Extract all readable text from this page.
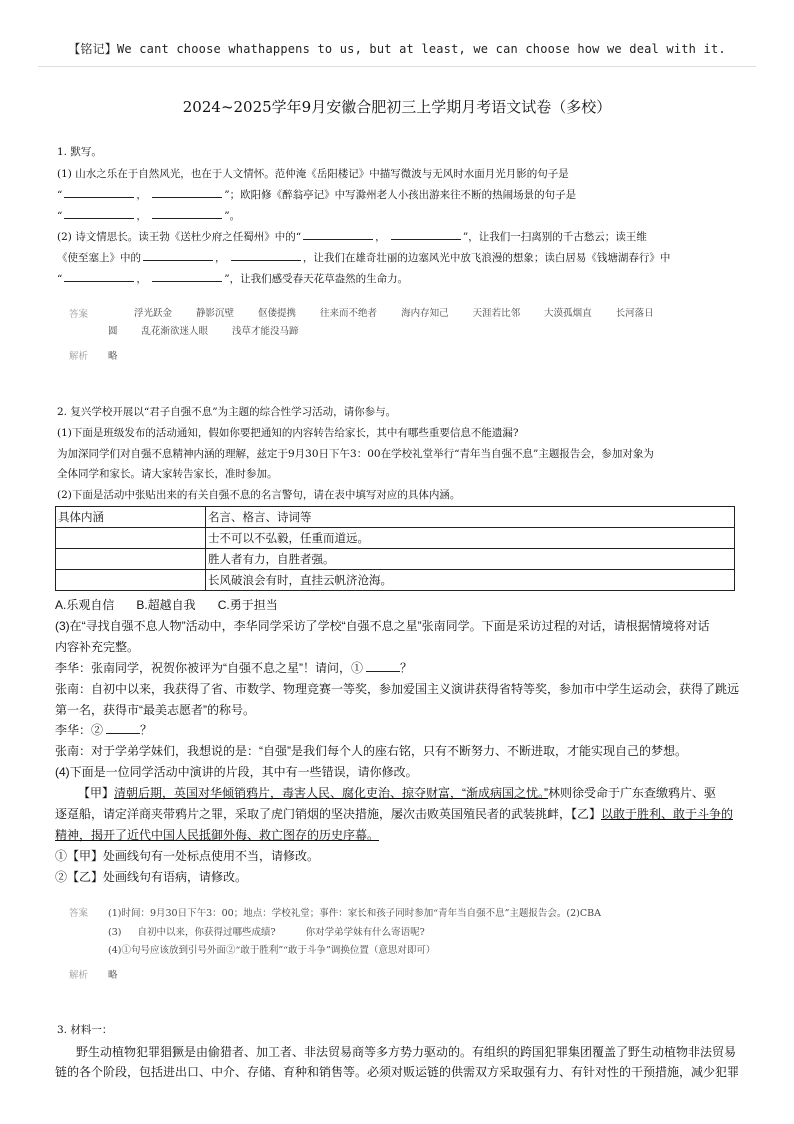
【铭记】We cant choose whathappens to us, but at least, we can choose how we deal with it.
2024~2025学年9月安徽合肥初三上学期月考语文试卷（多校）
1. 默写。
(1) 山水之乐在于自然风光，也在于人文情怀。范仲淹《岳阳楼记》中描写微波与无风时水面月光月影的句子是
“	，	”；欧阳修《醉翁亭记》中写滁州老人小孩出游来往不断的热闹场景的句子是
“	，	”。
(2) 诗文情思长。读王勃《送杜少府之任蜀州》中的“	，	”，让我们一扫离别的千古愁云；读王维
《使至塞上》中的	，	，让我们在雄奇壮丽的边塞风光中放飞浪漫的想象；读白居易《钱塘湖春行》中
“	，	”，让我们感受春天花草盎然的生命力。
答案	浮光跃金	静影沉壁	伛偻提携	往来而不绝者	海内存知己	天涯若比邻	大漠孤烟直	长河落日
圆	乱花渐欲迷人眼	浅草才能没马蹄
解析 略
2. 复兴学校开展以“君子自强不息”为主题的综合性学习活动，请你参与。
(1)下面是班级发布的活动通知，假如你要把通知的内容转告给家长，其中有哪些重要信息不能遗漏?
为加深同学们对自强不息精神内涵的理解，兹定于9月30日下午3：00在学校礼堂举行“青年当自强不息”主题报告会，参加对象为
全体同学和家长。请大家转告家长，准时参加。
(2)下面是活动中张贴出来的有关自强不息的名言警句，请在表中填写对应的具体内涵。
具体内涵	名言、格言、诗词等
	士不可以不弘毅，任重而道远。
	胜人者有力，自胜者强。
	长风破浪会有时，直挂云帆济沧海。
A.乐观自信 B.超越自我 C.勇于担当
(3)在“寻找自强不息人物”活动中，李华同学采访了学校“自强不息之星”张南同学。下面是采访过程的对话，请根据情境将对话
内容补充完整。
李华：张南同学，祝贺你被评为“自强不息之星”！请问，①	？
张南：自初中以来，我获得了省、市数学、物理竞赛一等奖，参加爱国主义演讲获得省特等奖，参加市中学生运动会，获得了跳远
第一名，获得市“最美志愿者”的称号。
李华：②	？
张南：对于学弟学妹们，我想说的是：“自强”是我们每个人的座右铭，只有不断努力、不断进取，才能实现自己的梦想。
(4)下面是一位同学活动中演讲的片段，其中有一些错误，请你修改。
【甲】清朝后期，英国对华倾销鸦片，毒害人民、腐化吏治、掠夺财富，“渐成病国之忧。”林则徐受命于广东查缴鸦片、驱
逐趸船，请定洋商夹带鸦片之罪，采取了虎门销烟的坚决措施，屡次击败英国殖民者的武装挑衅，【乙】以敢于胜利、敢于斗争的
精神，揭开了近代中国人民抵御外侮、救亡图存的历史序幕。
①【甲】处画线句有一处标点使用不当，请修改。
②【乙】处画线句有语病，请修改。
答案 (1)时间：9月30日下午3：00；地点：学校礼堂；事件：家长和孩子同时参加“青年当自强不息”主题报告会。(2)CBA
(3) 自初中以来，你获得过哪些成绩?	你对学弟学妹有什么寄语呢?
(4)①句号应该放到引号外面②“敢于胜利”“敢于斗争”调换位置（意思对即可）
解析 略
3. 材料一：
野生动植物犯罪猖獗是由偷猎者、加工者、非法贸易商等多方势力驱动的。有组织的跨国犯罪集团覆盖了野生动植物非法贸易
链的各个阶段，包括进出口、中介、存储、育种和销售等。必须对贩运链的供需双方采取强有力、有针对性的干预措施，减少犯罪
